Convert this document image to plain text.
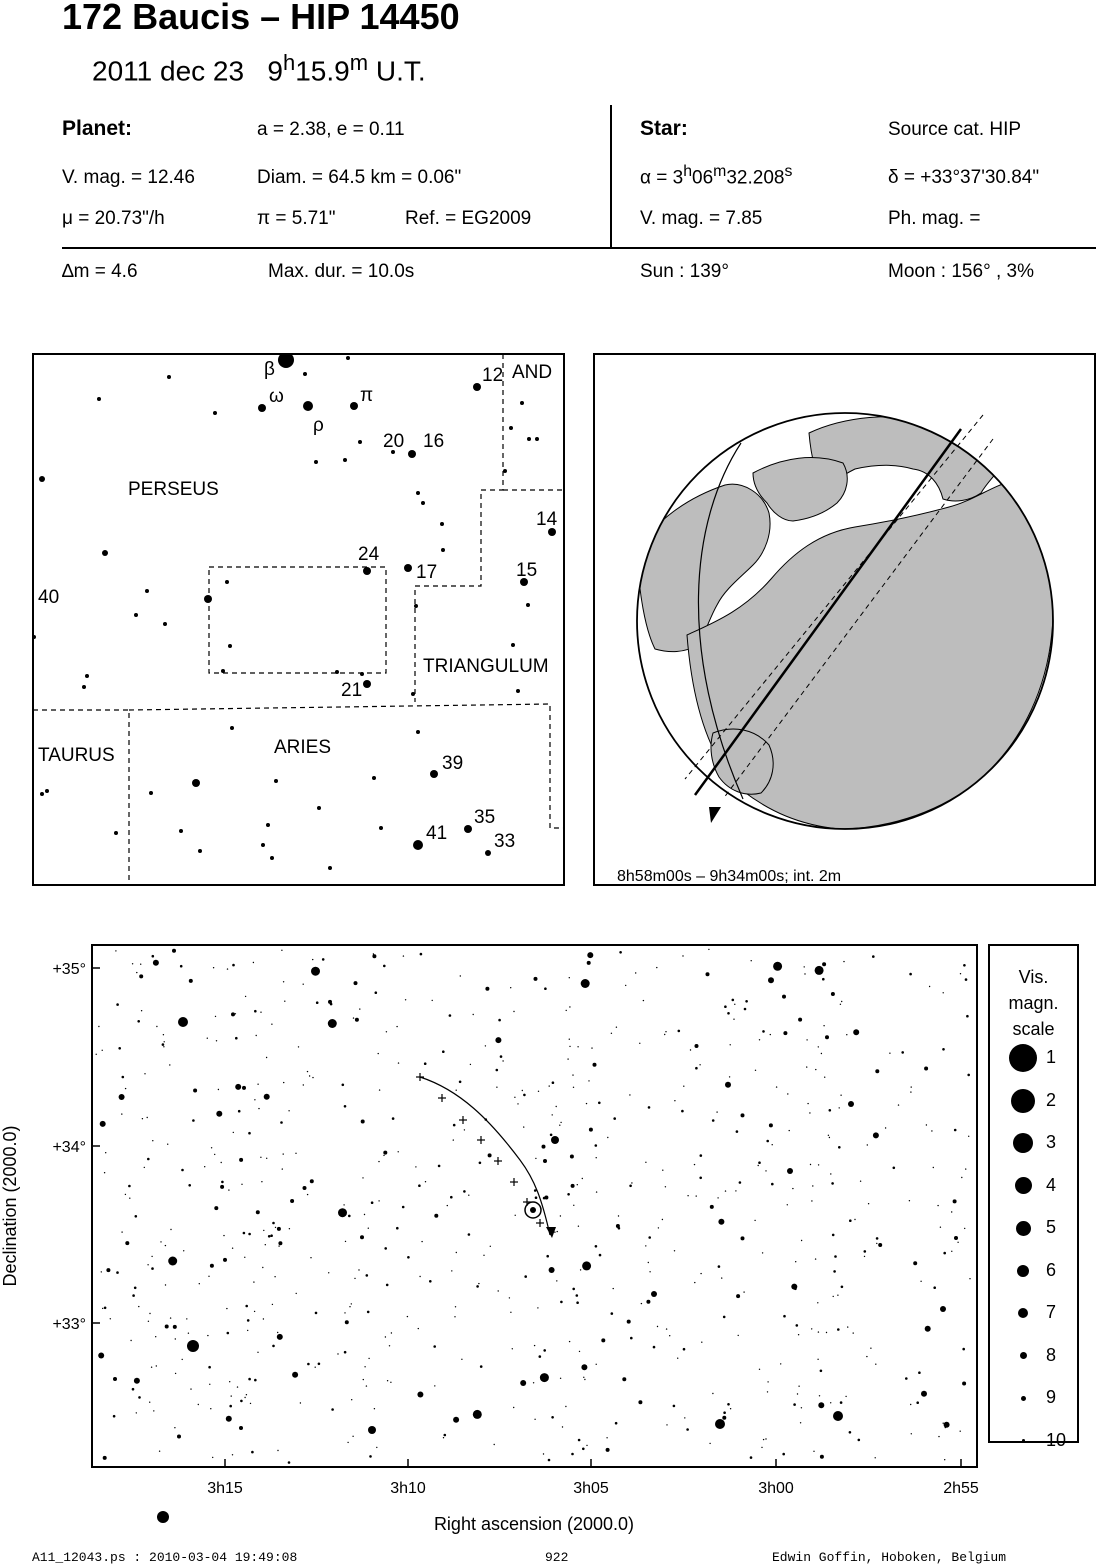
172 Baucis – HIP 14450
2011 dec 23 9$^h$15.9$^m$ U.T.
Planet:	a = 2.38, e = 0.11
V. mag. = 12.46	Diam. = 64.5 km = 0.06"
μ = 20.73"/h	π = 5.71"	Ref. = EG2009
Star:	Source cat. HIP
$\alpha = 3^h06^m32.208^s$	δ = +33°37'30.84"
V. mag. = 7.85	Ph. mag. =
∆m = 4.6	Max. dur. = 10.0s	Sun : 139°	Moon : 156° , 3%
PERSEUS
TAURUS	ARIES
TRIANGULUM
AND
β
ω	π
ρ
12
20 16
14
24
17	15
40
21
39
35
41 33
8h58m00s – 9h34m00s; int. 2m
3h15	3h10	3h05	3h00	2h55
+35°
+34°
+33°
Right ascension (2000.0)
Declination (2000.0)
Vis.
magn.
scale
1
2
3
4
5
6
7
8
9
10
A11_12043.ps : 2010-03-04 19:49:08	922	Edwin Goffin, Hoboken, Belgium
